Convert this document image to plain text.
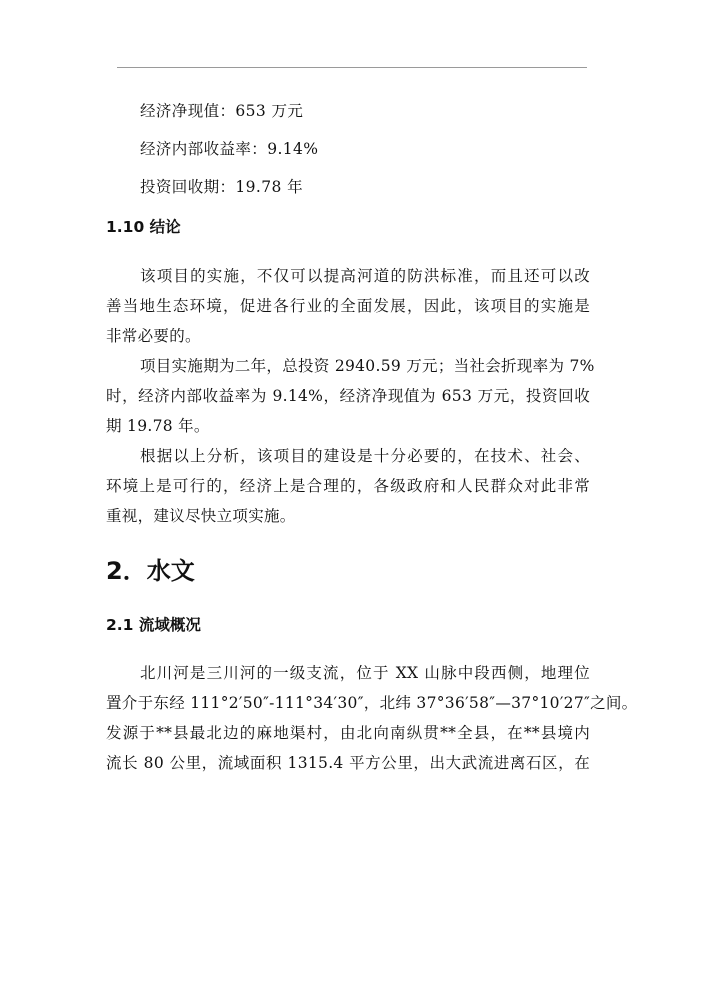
经济净现值：653 万元
经济内部收益率：9.14%
投资回收期：19.78 年
1.10 结论
该项目的实施，不仅可以提高河道的防洪标准，而且还可以改
善当地生态环境，促进各行业的全面发展，因此，该项目的实施是
非常必要的。
项目实施期为二年，总投资 2940.59 万元；当社会折现率为 7%
时，经济内部收益率为 9.14%，经济净现值为 653 万元，投资回收
期 19.78 年。
根据以上分析，该项目的建设是十分必要的，在技术、社会、
环境上是可行的，经济上是合理的，各级政府和人民群众对此非常
重视，建议尽快立项实施。
2．水文
2.1 流域概况
北川河是三川河的一级支流，位于 XX 山脉中段西侧，地理位
置介于东经 111°2′50″-111°34′30″，北纬 37°36′58″—37°10′27″之间。
发源于**县最北边的麻地渠村，由北向南纵贯**全县，在**县境内
流长 80 公里，流域面积 1315.4 平方公里，出大武流进离石区，在
